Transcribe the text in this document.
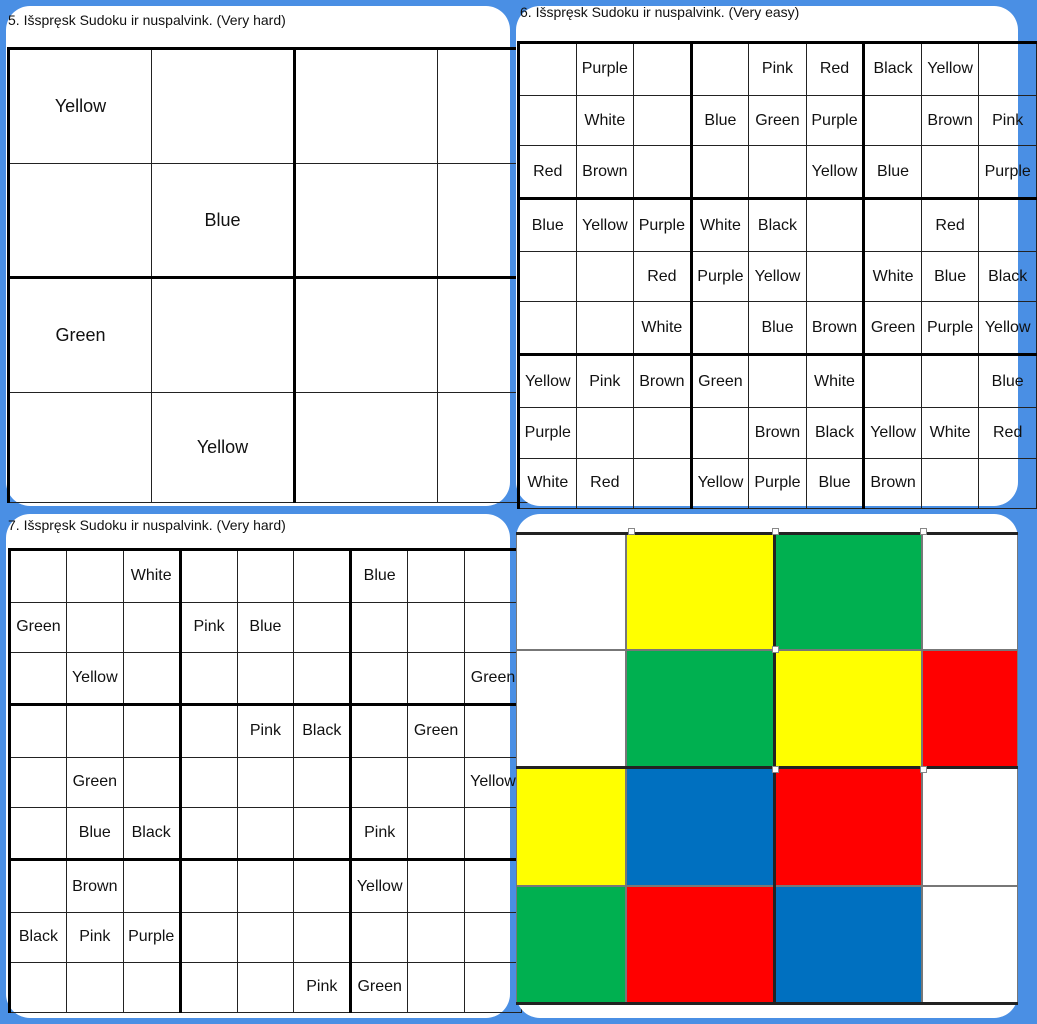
5. Išspręsk Sudoku ir nuspalvink. (Very hard)
Yellow			
	Blue		
Green			
	Yellow		
6. Išspręsk Sudoku ir nuspalvink. (Very easy)
	Purple			Pink	Red	Black	Yellow	
	White		Blue	Green	Purple		Brown	Pink
Red	Brown				Yellow	Blue		Purple
Blue	Yellow	Purple	White	Black			Red	
		Red	Purple	Yellow		White	Blue	Black
		White		Blue	Brown	Green	Purple	Yellow
Yellow	Pink	Brown	Green		White			Blue
Purple				Brown	Black	Yellow	White	Red
White	Red		Yellow	Purple	Blue	Brown		
7. Išspręsk Sudoku ir nuspalvink. (Very hard)
		White				Blue		
Green			Pink	Blue				
	Yellow							Green
				Pink	Black		Green	
	Green							Yellow
	Blue	Black				Pink		
	Brown					Yellow		
Black	Pink	Purple						
					Pink	Green		
